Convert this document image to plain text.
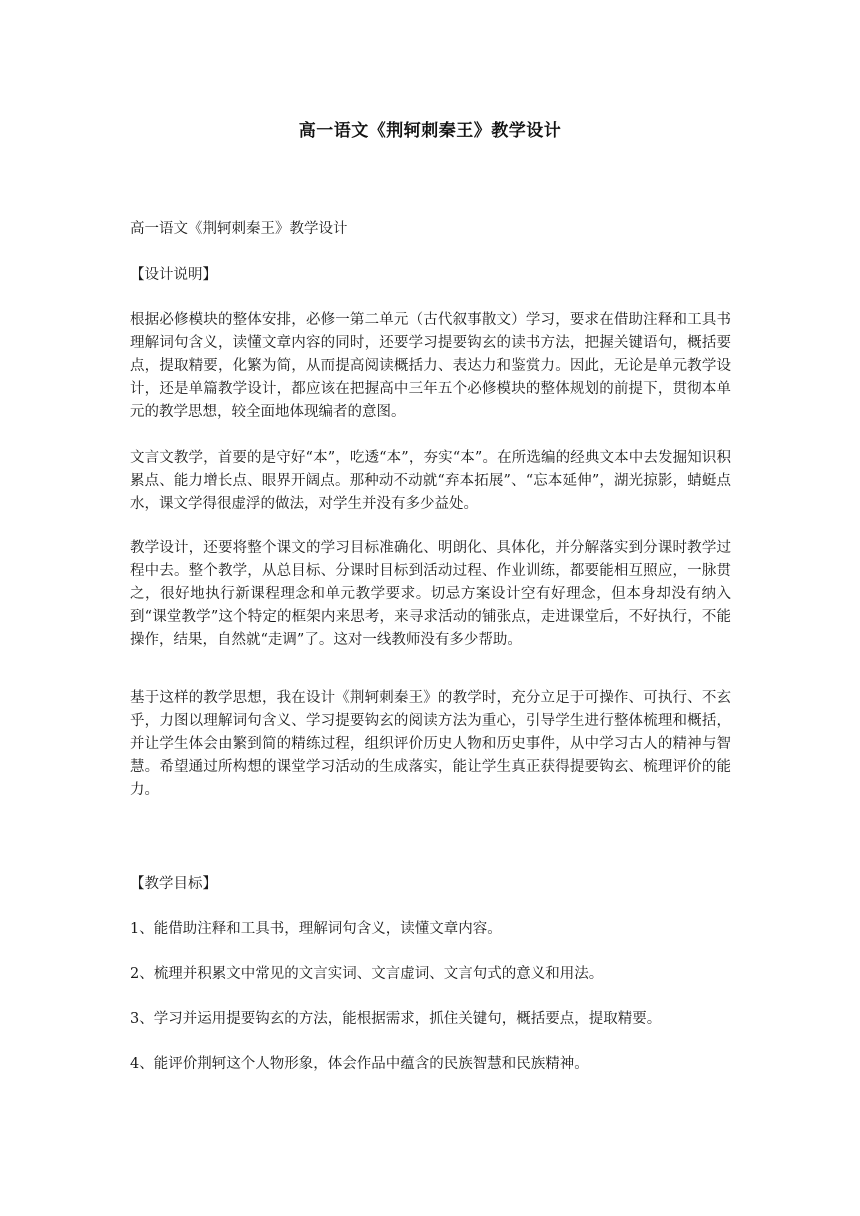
高一语文《荆轲刺秦王》教学设计

高一语文《荆轲刺秦王》教学设计

【设计说明】

根据必修模块的整体安排，必修一第二单元（古代叙事散文）学习，要求在借助注释和工具书理解词句含义，读懂文章内容的同时，还要学习提要钩玄的读书方法，把握关键语句，概括要点，提取精要，化繁为简，从而提高阅读概括力、表达力和鉴赏力。因此，无论是单元教学设计，还是单篇教学设计，都应该在把握高中三年五个必修模块的整体规划的前提下，贯彻本单元的教学思想，较全面地体现编者的意图。

文言文教学，首要的是守好“本”，吃透“本”，夯实“本”。在所选编的经典文本中去发掘知识积累点、能力增长点、眼界开阔点。那种动不动就“弃本拓展”、“忘本延伸”，湖光掠影，蜻蜓点水，课文学得很虚浮的做法，对学生并没有多少益处。

教学设计，还要将整个课文的学习目标准确化、明朗化、具体化，并分解落实到分课时教学过程中去。整个教学，从总目标、分课时目标到活动过程、作业训练，都要能相互照应，一脉贯之，很好地执行新课程理念和单元教学要求。切忌方案设计空有好理念，但本身却没有纳入到“课堂教学”这个特定的框架内来思考，来寻求活动的铺张点，走进课堂后，不好执行，不能操作，结果，自然就“走调”了。这对一线教师没有多少帮助。

基于这样的教学思想，我在设计《荆轲刺秦王》的教学时，充分立足于可操作、可执行、不玄乎，力图以理解词句含义、学习提要钩玄的阅读方法为重心，引导学生进行整体梳理和概括，并让学生体会由繁到简的精练过程，组织评价历史人物和历史事件，从中学习古人的精神与智慧。希望通过所构想的课堂学习活动的生成落实，能让学生真正获得提要钩玄、梳理评价的能力。

【教学目标】

1、能借助注释和工具书，理解词句含义，读懂文章内容。

2、梳理并积累文中常见的文言实词、文言虚词、文言句式的意义和用法。

3、学习并运用提要钩玄的方法，能根据需求，抓住关键句，概括要点，提取精要。

4、能评价荆轲这个人物形象，体会作品中蕴含的民族智慧和民族精神。
